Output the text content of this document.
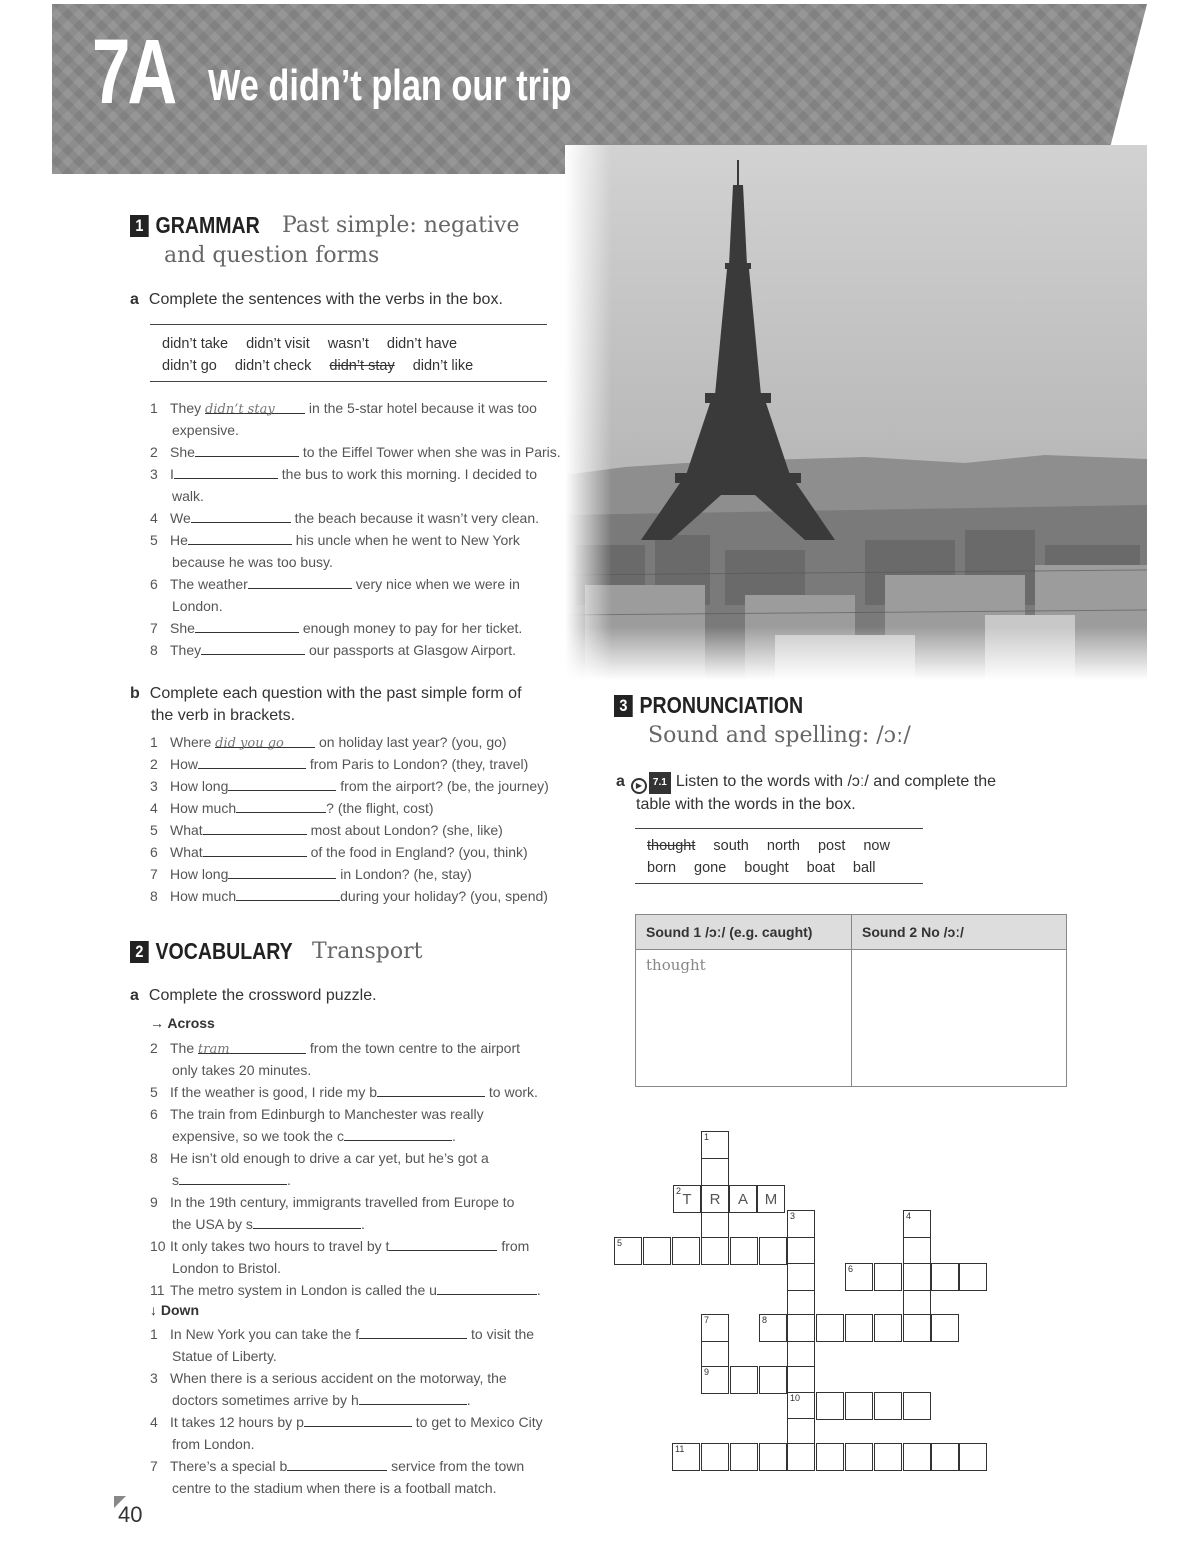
7A We didn’t plan our trip
1 GRAMMAR Past simple: negative
and question forms
a Complete the sentences with the verbs in the box.
didn’t take didn’t visit wasn’t didn’t have
didn’t go didn’t check didn’t stay didn’t like
1 They didn’t stay in the 5-star hotel because it was too
expensive.
2 She	to the Eiffel Tower when she was in Paris.
3 I	the bus to work this morning. I decided to
walk.
4 We	the beach because it wasn’t very clean.
5 He	his uncle when he went to New York
because he was too busy.
6 The weather	very nice when we were in
London.
7 She	enough money to pay for her ticket.
8 They	our passports at Glasgow Airport.
b Complete each question with the past simple form of
the verb in brackets.
1 Where did you go	on holiday last year? (you, go)
2 How	from Paris to London? (they, travel)
3 How long	from the airport? (be, the journey)
4 How much	? (the flight, cost)
5 What	most about London? (she, like)
6 What	of the food in England? (you, think)
7 How long	in London? (he, stay)
8 How much	during your holiday? (you, spend)
2 VOCABULARY Transport
a Complete the crossword puzzle.
→ Across
2 The tram	from the town centre to the airport
only takes 20 minutes.
5 If the weather is good, I ride my b	to work.
6 The train from Edinburgh to Manchester was really
expensive, so we took the c	.
8 He isn’t old enough to drive a car yet, but he’s got a
s	.
9 In the 19th century, immigrants travelled from Europe to
the USA by s	.
10 It only takes two hours to travel by t	from
London to Bristol.
11 The metro system in London is called the u	.
↓ Down
1 In New York you can take the f	to visit the
Statue of Liberty.
3 When there is a serious accident on the motorway, the
doctors sometimes arrive by h	.
4 It takes 12 hours by p	to get to Mexico City
from London.
7 There’s a special b	service from the town
centre to the stadium when there is a football match.
3 PRONUNCIATION
Sound and spelling: /ɔː/
a ▶ 7.1 Listen to the words with /ɔː/ and complete the
table with the words in the box.
thought south north post now
born gone bought boat ball
Sound 1 /ɔː/ (e.g. caught)	Sound 2 No /ɔː/
thought	
1
2 T	R	A	M
3	4
5
6
7	8
9
10
11
40
